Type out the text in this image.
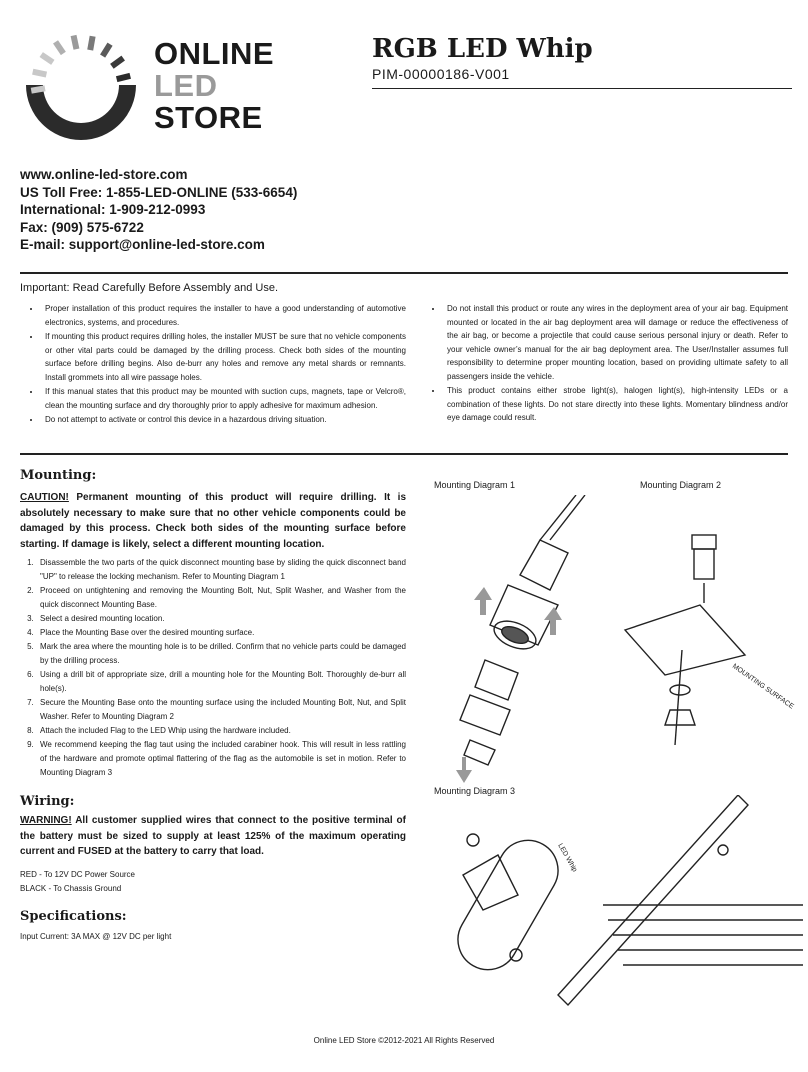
ONLINE
LED
STORE
RGB LED Whip
PIM-00000186-V001
www.online-led-store.com
US Toll Free: 1-855-LED-ONLINE (533-6654)
International: 1-909-212-0993
Fax: (909) 575-6722
E-mail: support@online-led-store.com
Important: Read Carefully Before Assembly and Use.
• Proper installation of this product requires the installer to have a good understanding of automotive electronics, systems, and procedures.
• If mounting this product requires drilling holes, the installer MUST be sure that no vehicle components or other vital parts could be damaged by the drilling process. Check both sides of the mounting surface before drilling begins. Also de-burr any holes and remove any metal shards or remnants. Install grommets into all wire passage holes.
• If this manual states that this product may be mounted with suction cups, magnets, tape or Velcro®, clean the mounting surface and dry thoroughly prior to apply adhesive for maximum adhesion.
• Do not attempt to activate or control this device in a hazardous driving situation.
• Do not install this product or route any wires in the deployment area of your air bag. Equipment mounted or located in the air bag deployment area will damage or reduce the effectiveness of the air bag, or become a projectile that could cause serious personal injury or death. Refer to your vehicle owner’s manual for the air bag deployment area. The User/Installer assumes full responsibility to determine proper mounting location, based on providing ultimate safety to all passengers inside the vehicle.
• This product contains either strobe light(s), halogen light(s), high-intensity LEDs or a combination of these lights. Do not stare directly into these lights. Momentary blindness and/or eye damage could result.
Mounting:
CAUTION! Permanent mounting of this product will require drilling. It is absolutely necessary to make sure that no other vehicle components could be damaged by this process. Check both sides of the mounting surface before starting. If damage is likely, select a different mounting location.
1. Disassemble the two parts of the quick disconnect mounting base by sliding the quick disconnect band "UP" to release the locking mechanism. Refer to Mounting Diagram 1
2. Proceed on untightening and removing the Mounting Bolt, Nut, Split Washer, and Washer from the quick disconnect Mounting Base.
3. Select a desired mounting location.
4. Place the Mounting Base over the desired mounting surface.
5. Mark the area where the mounting hole is to be drilled. Confirm that no vehicle parts could be damaged by the drilling process.
6. Using a drill bit of appropriate size, drill a mounting hole for the Mounting Bolt. Thoroughly de-burr all hole(s).
7. Secure the Mounting Base onto the mounting surface using the included Mounting Bolt, Nut, and Split Washer. Refer to Mounting Diagram 2
8. Attach the included Flag to the LED Whip using the hardware included.
9. We recommend keeping the flag taut using the included carabiner hook. This will result in less rattling of the hardware and promote optimal flattering of the flag as the automobile is set in motion. Refer to Mounting Diagram 3
Wiring:
WARNING! All customer supplied wires that connect to the positive terminal of the battery must be sized to supply at least 125% of the maximum operating current and FUSED at the battery to carry that load.
RED - To 12V DC Power Source
BLACK - To Chassis Ground
Specifications:
Input Current: 3A MAX @ 12V DC per light
Mounting Diagram 1	Mounting Diagram 2
Mounting Diagram 3
MOUNTING SURFACE
LED Whip
Online LED Store ©2012-2021 All Rights Reserved
